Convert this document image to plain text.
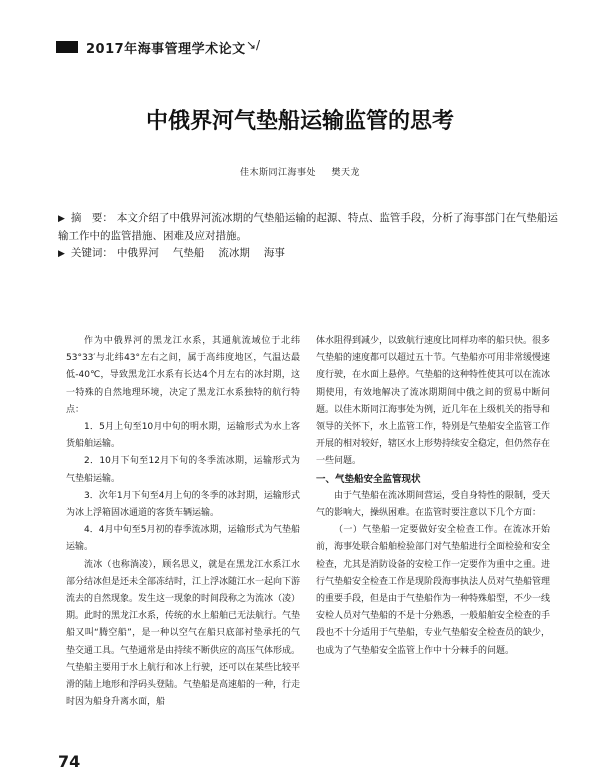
2017年海事管理学术论文 ↘/
中俄界河气垫船运输监管的思考
佳木斯同江海事处 樊天龙

▶ 摘　要： 本文介绍了中俄界河流冰期的气垫船运输的起源、特点、监管手段，分析了海事部门在气垫船运输工作中的监管措施、困难及应对措施。

▶ 关键词： 中俄界河 气垫船 流冰期 海事

作为中俄界河的黑龙江水系，其通航流域位于北纬53°33′与北纬43°左右之间，属于高纬度地区，气温达最低-40℃，导致黑龙江水系有长达4个月左右的冰封期，这一特殊的自然地理环境，决定了黑龙江水系独特的航行特点：

1．5月上旬至10月中旬的明水期，运输形式为水上客货船舶运输。

2．10月下旬至12月下旬的冬季流冰期，运输形式为气垫船运输。

3．次年1月下旬至4月上旬的冬季的冰封期，运输形式为冰上浮箱固冰通道的客货车辆运输。

4．4月中旬至5月初的春季流冰期，运输形式为气垫船运输。

流冰（也称淌凌），顾名思义，就是在黑龙江水系江水部分结冰但是还未全部冻结时，江上浮冰随江水一起向下游流去的自然现象。发生这一现象的时间段称之为流冰（凌）期。此时的黑龙江水系，传统的水上船舶已无法航行。气垫船又叫“腾空船”，是一种以空气在船只底部衬垫承托的气垫交通工具。气垫通常是由持续不断供应的高压气体形成。气垫船主要用于水上航行和冰上行驶，还可以在某些比较平滑的陆上地形和浮码头登陆。气垫船是高速船的一种，行走时因为船身升离水面，船

体水阻得到减少，以致航行速度比同样功率的船只快。很多气垫船的速度都可以超过五十节。气垫船亦可用非常缓慢速度行驶，在水面上悬停。气垫船的这种特性使其可以在流冰期使用，有效地解决了流冰期期间中俄之间的贸易中断问题。以佳木斯同江海事处为例，近几年在上级机关的指导和领导的关怀下，水上监管工作，特别是气垫船安全监管工作开展的相对较好，辖区水上形势持续安全稳定，但仍然存在一些问题。

一、气垫船安全监管现状

由于气垫船在流冰期间营运，受自身特性的限制，受天气的影响大，操纵困难。在监管时要注意以下几个方面：

（一）气垫船一定要做好安全检查工作。在流冰开始前，海事处联合船舶检验部门对气垫船进行全面检验和安全检查，尤其是消防设备的安检工作一定要作为重中之重。进行气垫船安全检查工作是现阶段海事执法人员对气垫船管理的重要手段，但是由于气垫船作为一种特殊船型，不少一线安检人员对气垫船的不是十分熟悉，一般船舶安全检查的手段也不十分适用于气垫船，专业气垫船安全检查员的缺少，也成为了气垫船安全监管上作中十分棘手的问题。

74
